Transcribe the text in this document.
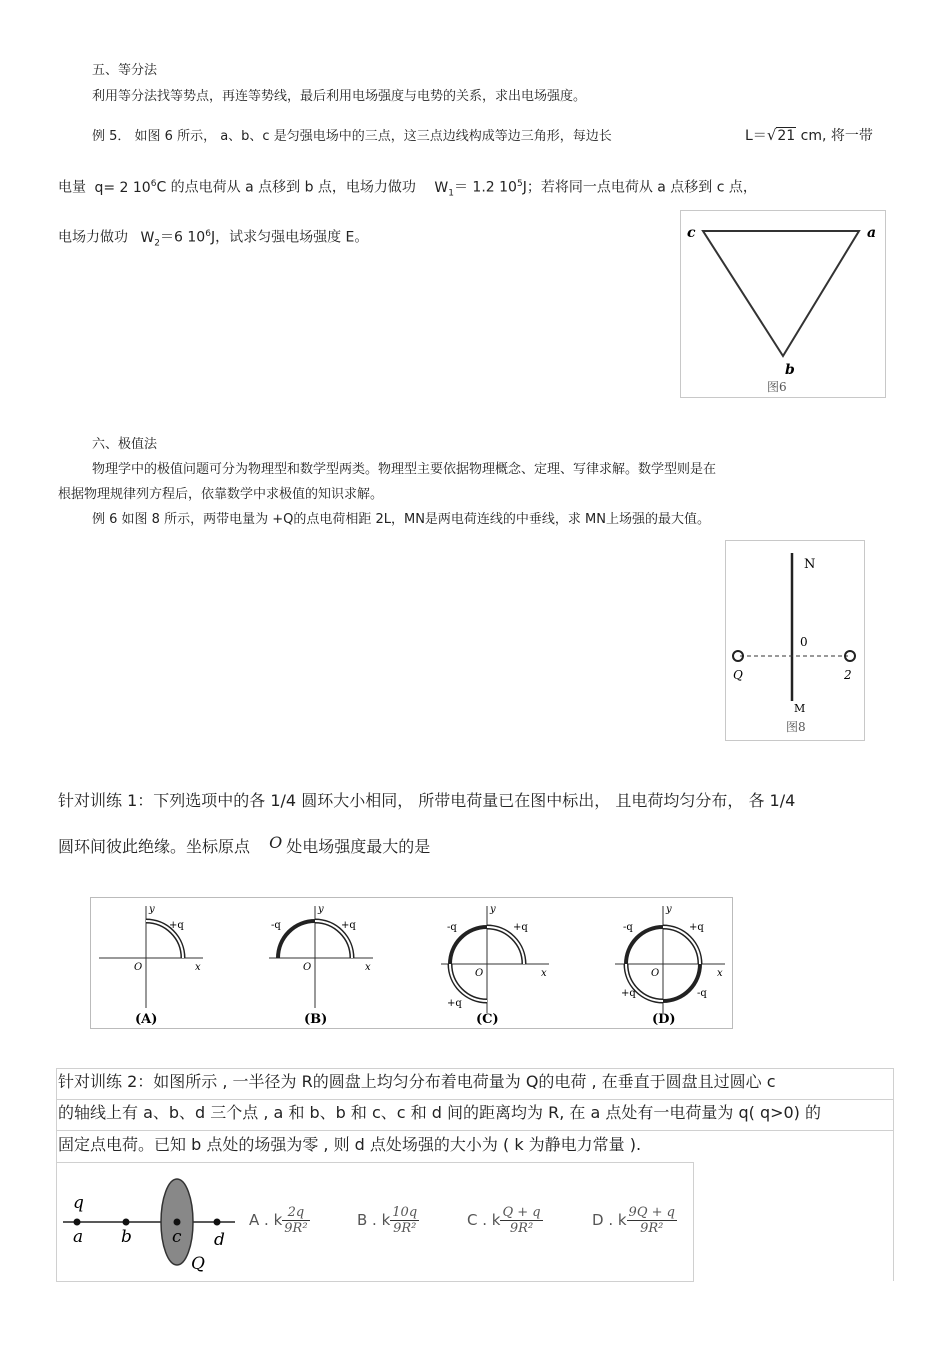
五、等分法
利用等分法找等势点，再连等势线，最后利用电场强度与电势的关系，求出电场强度。
例 5． 如图 6 所示， a、b、c 是匀强电场中的三点，这三点边线构成等边三角形，每边长	L＝√21 cm, 将一带
电量 q= 2 $10^6C$ 的点电荷从 a 点移到 b 点，电场力做功 $W_1= 1.2$ $10^5J$；若将同一点电荷从 a 点移到 c 点，
电场力做功 $W_2=6$ $10^6J$，试求匀强电场强度 E。	c	a
b
图6
六、极值法
物理学中的极值问题可分为物理型和数学型两类。物理型主要依据物理概念、定理、写律求解。数学型则是在
根据物理规律列方程后，依靠数学中求极值的知识求解。
例 6 如图 8 所示，两带电量为 +Q的点电荷相距 2L，MN是两电荷连线的中垂线，求 MN上场强的最大值。
N
0
M
Q	2
图8
针对训练 1：下列选项中的各 1/4 圆环大小相同， 所带电荷量已在图中标出， 且电荷均匀分布， 各 1/4
圆环间彼此绝缘。坐标原点 O 处电场强度最大的是
y
x
O
+q
(A)
y
x
O
-q	+q
(B)
y
x
O
-q	+q
+q
(C)
y
x
O
-q	+q
+q	-q
(D)
针对训练 2：如图所示 , 一半径为 R的圆盘上均匀分布着电荷量为 Q的电荷 , 在垂直于圆盘且过圆心 c
的轴线上有 a、b、d 三个点 , a 和 b、b 和 c、c 和 d 间的距离均为 R, 在 a 点处有一电荷量为 q( q>0) 的
固定点电荷。已知 b 点处的场强为零 , 则 d 点处场强的大小为 ( k 为静电力常量 ).
q
a b c d
Q
A . k $\frac{2q}{\text{9R²}}$	B . k $\frac{10q}{\text{9R²}}$	C . k $\frac{Q + q}{\text{9R²}}$	D . k $\frac{9Q + q}{\text{9R²}}$
